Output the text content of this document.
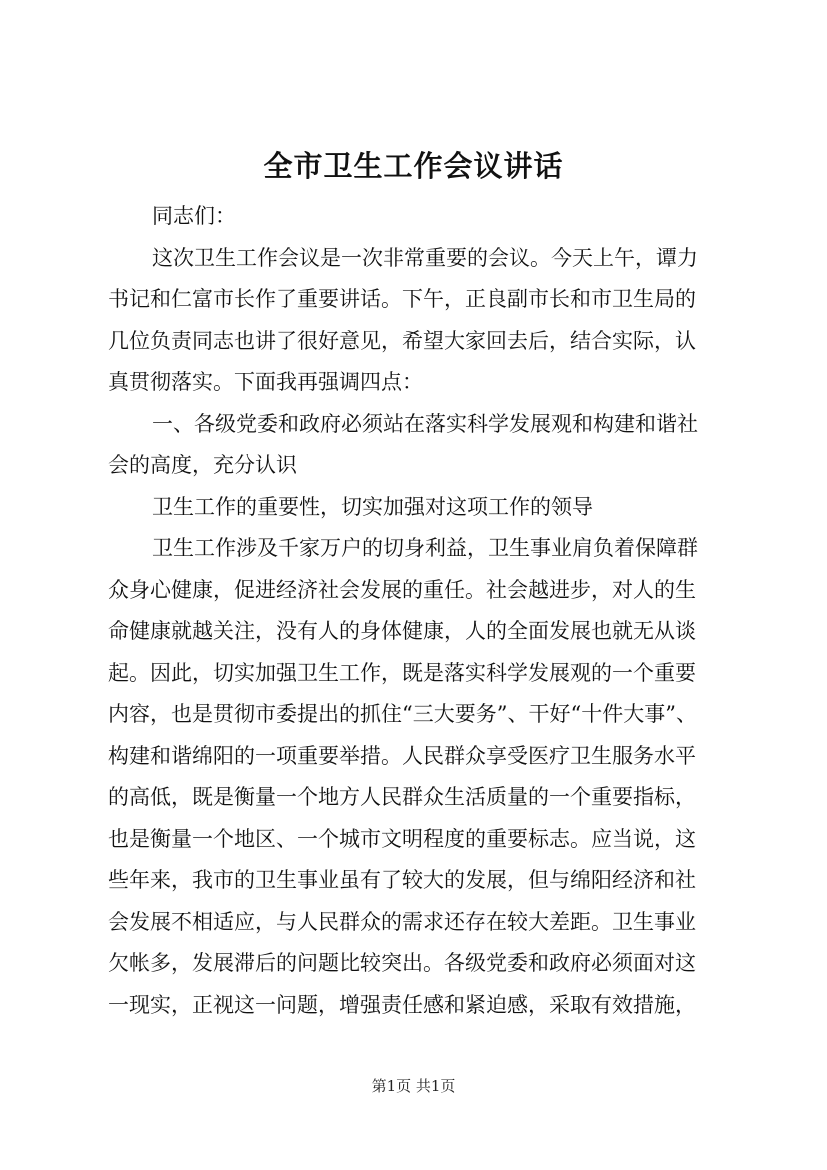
全市卫生工作会议讲话
同志们：
这次卫生工作会议是一次非常重要的会议。今天上午，谭力
书记和仁富市长作了重要讲话。下午，正良副市长和市卫生局的
几位负责同志也讲了很好意见，希望大家回去后，结合实际，认
真贯彻落实。下面我再强调四点：
一、各级党委和政府必须站在落实科学发展观和构建和谐社
会的高度，充分认识
卫生工作的重要性，切实加强对这项工作的领导
卫生工作涉及千家万户的切身利益，卫生事业肩负着保障群
众身心健康，促进经济社会发展的重任。社会越进步，对人的生
命健康就越关注，没有人的身体健康，人的全面发展也就无从谈
起。因此，切实加强卫生工作，既是落实科学发展观的一个重要
内容，也是贯彻市委提出的抓住“三大要务”、干好“十件大事”、
构建和谐绵阳的一项重要举措。人民群众享受医疗卫生服务水平
的高低，既是衡量一个地方人民群众生活质量的一个重要指标，
也是衡量一个地区、一个城市文明程度的重要标志。应当说，这
些年来，我市的卫生事业虽有了较大的发展，但与绵阳经济和社
会发展不相适应，与人民群众的需求还存在较大差距。卫生事业
欠帐多，发展滞后的问题比较突出。各级党委和政府必须面对这
一现实，正视这一问题，增强责任感和紧迫感，采取有效措施，
第1页 共1页
